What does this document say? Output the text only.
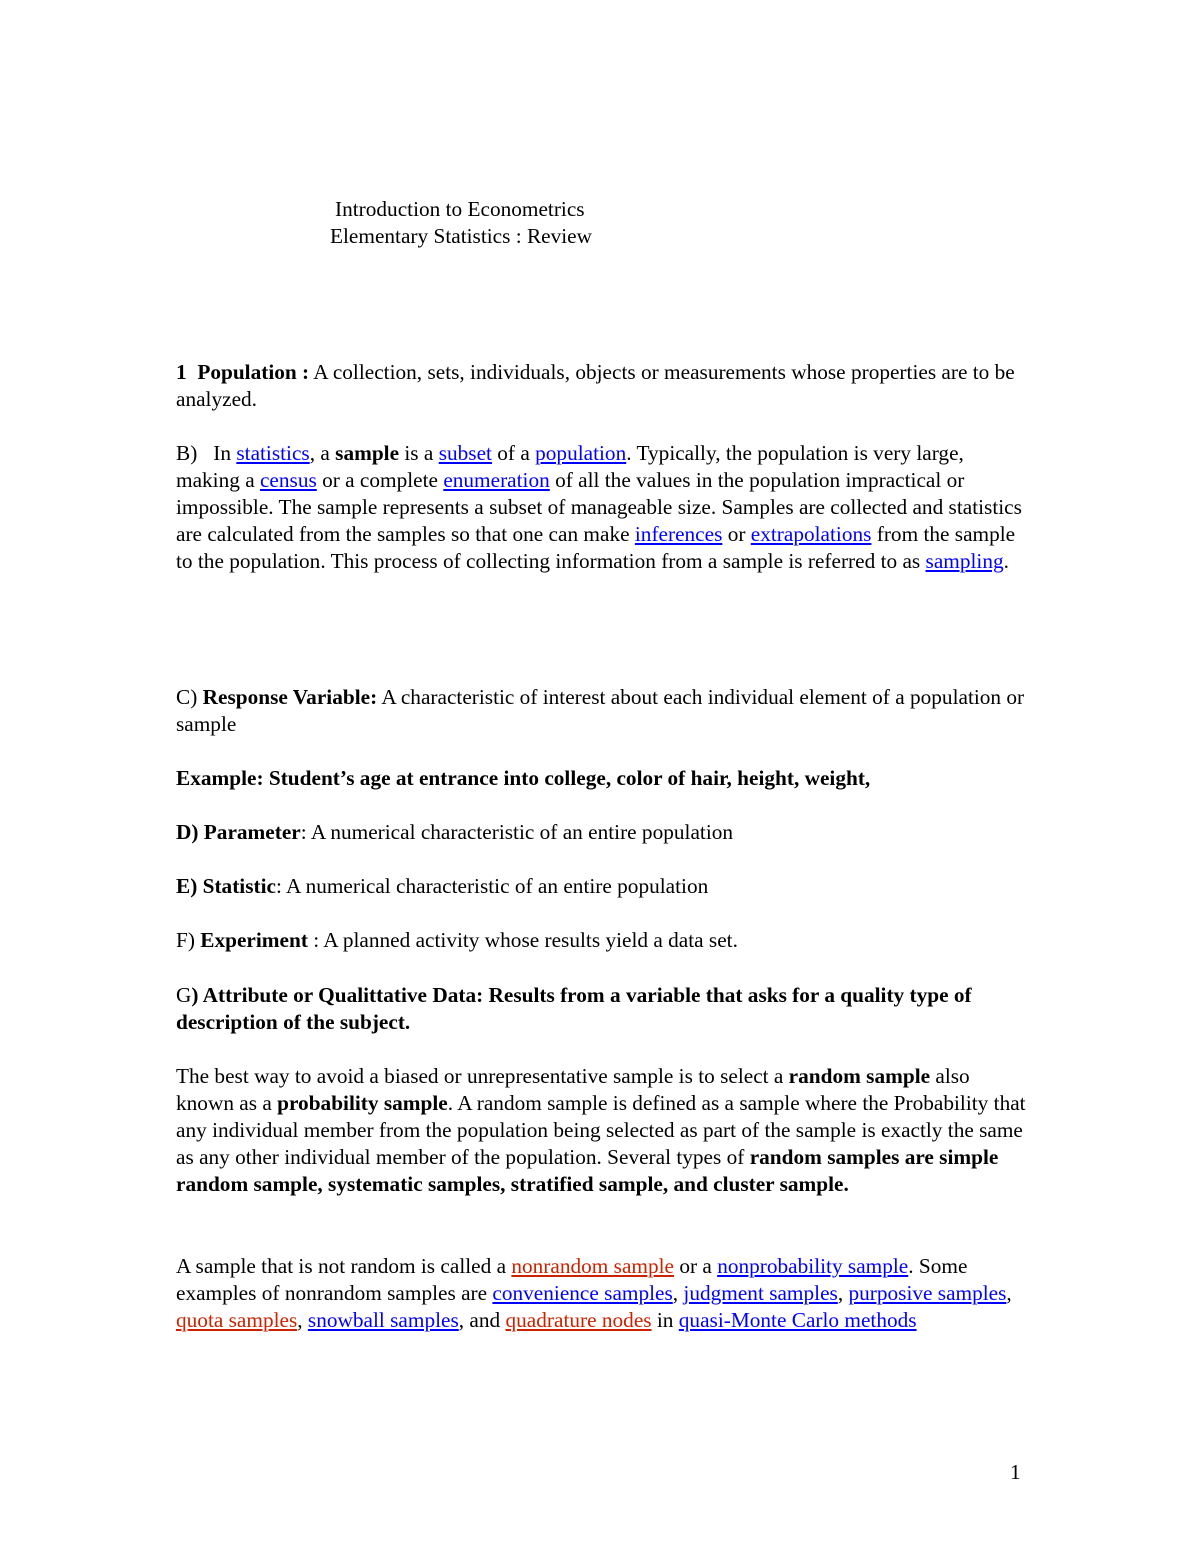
Introduction to Econometrics
Elementary Statistics : Review

1 Population : A collection, sets, individuals, objects or measurements whose properties are to be analyzed.

B) In statistics, a sample is a subset of a population. Typically, the population is very large, making a census or a complete enumeration of all the values in the population impractical or impossible. The sample represents a subset of manageable size. Samples are collected and statistics are calculated from the samples so that one can make inferences or extrapolations from the sample to the population. This process of collecting information from a sample is referred to as sampling.

C) Response Variable: A characteristic of interest about each individual element of a population or sample

Example: Student’s age at entrance into college, color of hair, height, weight,

D) Parameter: A numerical characteristic of an entire population

E) Statistic: A numerical characteristic of an entire population

F) Experiment : A planned activity whose results yield a data set.

G) Attribute or Qualittative Data: Results from a variable that asks for a quality type of description of the subject.

The best way to avoid a biased or unrepresentative sample is to select a random sample also known as a probability sample. A random sample is defined as a sample where the Probability that any individual member from the population being selected as part of the sample is exactly the same as any other individual member of the population. Several types of random samples are simple random sample, systematic samples, stratified sample, and cluster sample.

A sample that is not random is called a nonrandom sample or a nonprobability sample. Some examples of nonrandom samples are convenience samples, judgment samples, purposive samples, quota samples, snowball samples, and quadrature nodes in quasi-Monte Carlo methods

1
